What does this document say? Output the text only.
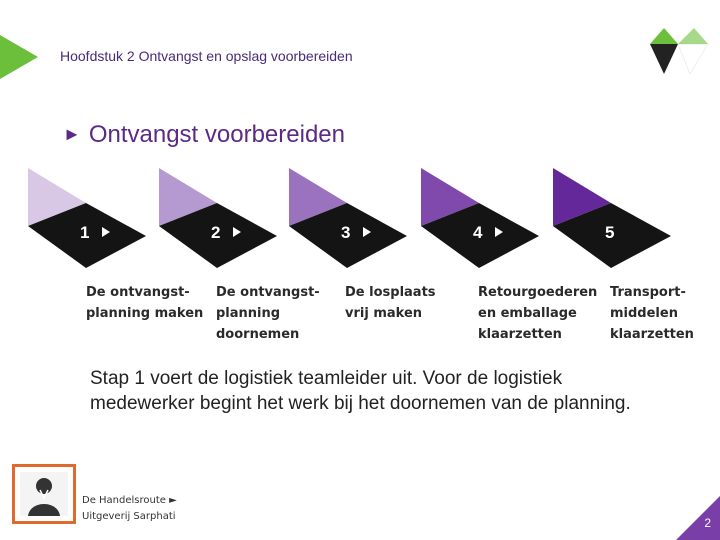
Hoofdstuk 2 Ontvangst en opslag voorbereiden
► Ontvangst voorbereiden
1	2	3	4	5
De ontvangst-
planning maken
De ontvangst-
planning
doornemen
De losplaats
vrij maken
Retourgoederen
en emballage
klaarzetten
Transport-
middelen
klaarzetten
Stap 1 voert de logistiek teamleider uit. Voor de logistiek medewerker begint het werk bij het doornemen van de planning.
De Handelsroute ►
Uitgeverij Sarphati	2
